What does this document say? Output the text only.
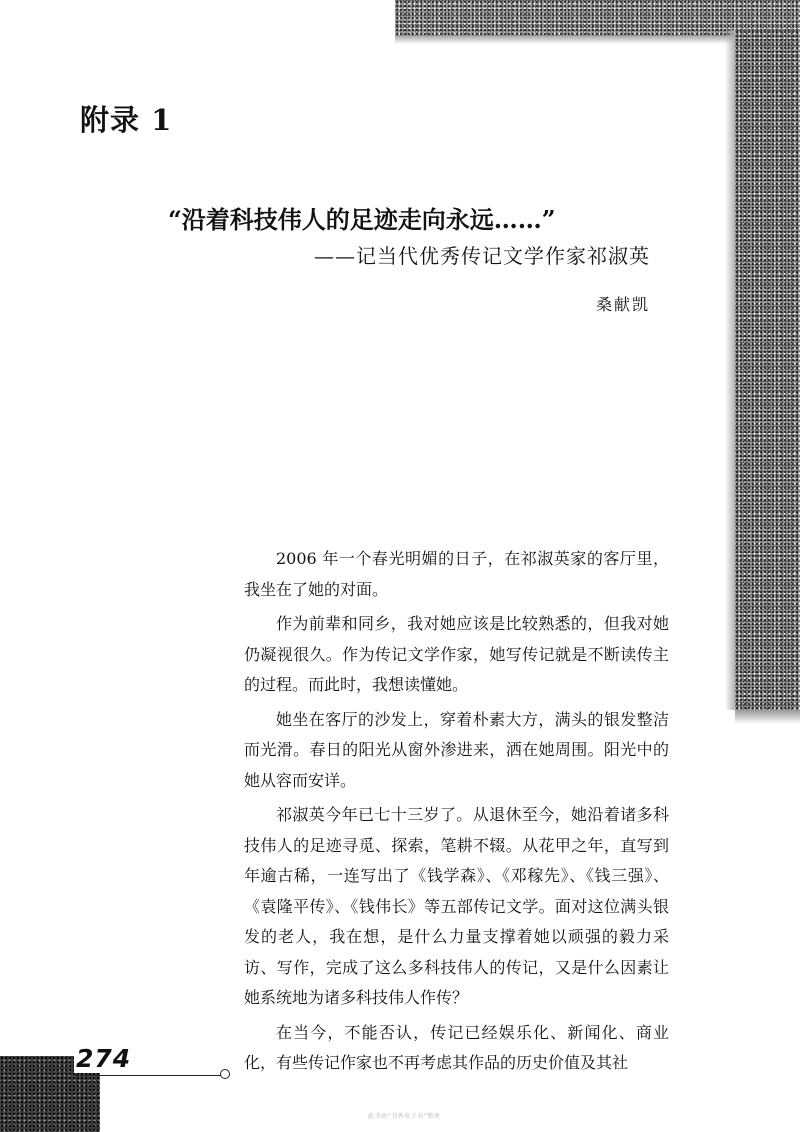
附录 1
“沿着科技伟人的足迹走向永远……”
——记当代优秀传记文学作家祁淑英
桑献凯

2006 年一个春光明媚的日子，在祁淑英家的客厅里，我坐在了她的对面。

作为前辈和同乡，我对她应该是比较熟悉的，但我对她仍凝视很久。作为传记文学作家，她写传记就是不断读传主的过程。而此时，我想读懂她。

她坐在客厅的沙发上，穿着朴素大方，满头的银发整洁而光滑。春日的阳光从窗外渗进来，洒在她周围。阳光中的她从容而安详。

祁淑英今年已七十三岁了。从退休至今，她沿着诸多科技伟人的足迹寻觅、探索，笔耕不辍。从花甲之年，直写到年逾古稀，一连写出了《钱学森》、《邓稼先》、《钱三强》、《袁隆平传》、《钱伟长》等五部传记文学。面对这位满头银发的老人，我在想，是什么力量支撑着她以顽强的毅力采访、写作，完成了这么多科技伟人的传记，又是什么因素让她系统地为诸多科技伟人作传？

在当今，不能否认，传记已经娱乐化、新闻化、商业化，有些传记作家也不再考虑其作品的历史价值及其社

274
此书由“书香电子书”整理
